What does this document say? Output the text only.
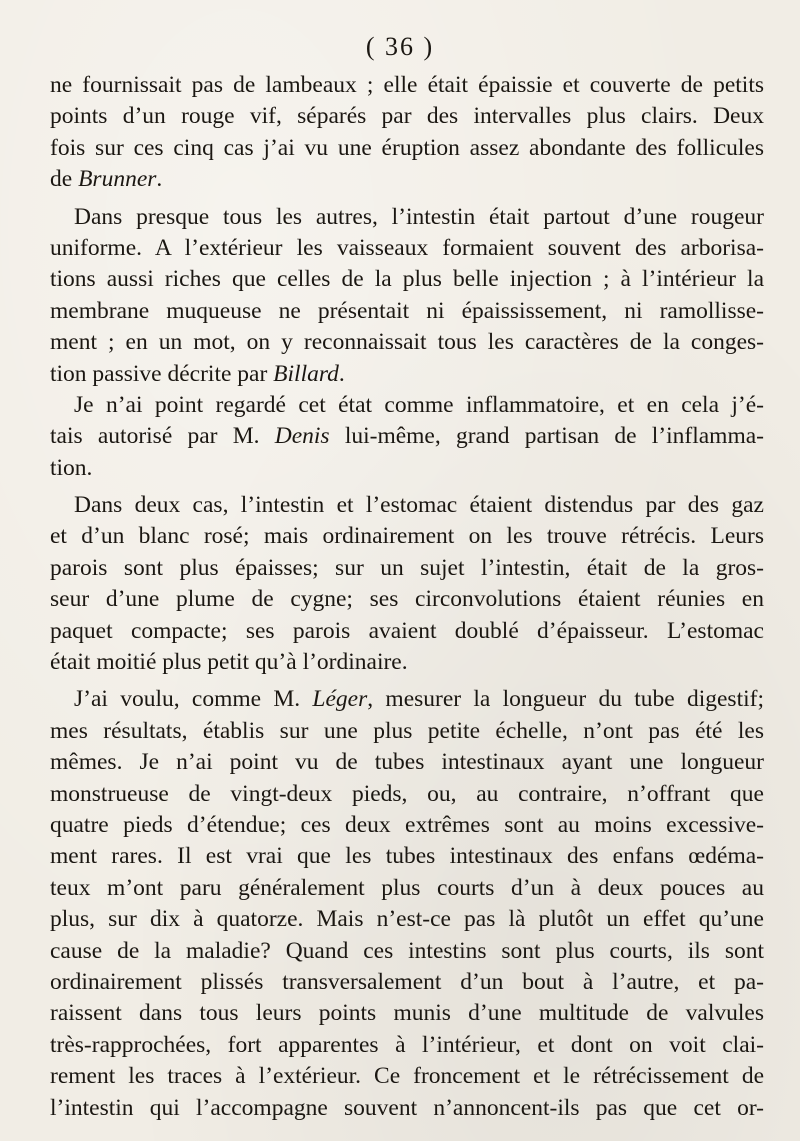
( 36 )
ne fournissait pas de lambeaux ; elle était épaissie et couverte de petits
points d’un rouge vif, séparés par des intervalles plus clairs. Deux
fois sur ces cinq cas j’ai vu une éruption assez abondante des follicules
de Brunner.
Dans presque tous les autres, l’intestin était partout d’une rougeur
uniforme. A l’extérieur les vaisseaux formaient souvent des arborisa-
tions aussi riches que celles de la plus belle injection ; à l’intérieur la
membrane muqueuse ne présentait ni épaississement, ni ramollisse-
ment ; en un mot, on y reconnaissait tous les caractères de la conges-
tion passive décrite par Billard.
Je n’ai point regardé cet état comme inflammatoire, et en cela j’é-
tais autorisé par M. Denis lui-même, grand partisan de l’inflamma-
tion.
Dans deux cas, l’intestin et l’estomac étaient distendus par des gaz
et d’un blanc rosé; mais ordinairement on les trouve rétrécis. Leurs
parois sont plus épaisses; sur un sujet l’intestin, était de la gros-
seur d’une plume de cygne; ses circonvolutions étaient réunies en
paquet compacte; ses parois avaient doublé d’épaisseur. L’estomac
était moitié plus petit qu’à l’ordinaire.
J’ai voulu, comme M. Léger, mesurer la longueur du tube digestif;
mes résultats, établis sur une plus petite échelle, n’ont pas été les
mêmes. Je n’ai point vu de tubes intestinaux ayant une longueur
monstrueuse de vingt-deux pieds, ou, au contraire, n’offrant que
quatre pieds d’étendue; ces deux extrêmes sont au moins excessive-
ment rares. Il est vrai que les tubes intestinaux des enfans œdéma-
teux m’ont paru généralement plus courts d’un à deux pouces au
plus, sur dix à quatorze. Mais n’est-ce pas là plutôt un effet qu’une
cause de la maladie? Quand ces intestins sont plus courts, ils sont
ordinairement plissés transversalement d’un bout à l’autre, et pa-
raissent dans tous leurs points munis d’une multitude de valvules
très-rapprochées, fort apparentes à l’intérieur, et dont on voit clai-
rement les traces à l’extérieur. Ce froncement et le rétrécissement de
l’intestin qui l’accompagne souvent n’annoncent-ils pas que cet or-
